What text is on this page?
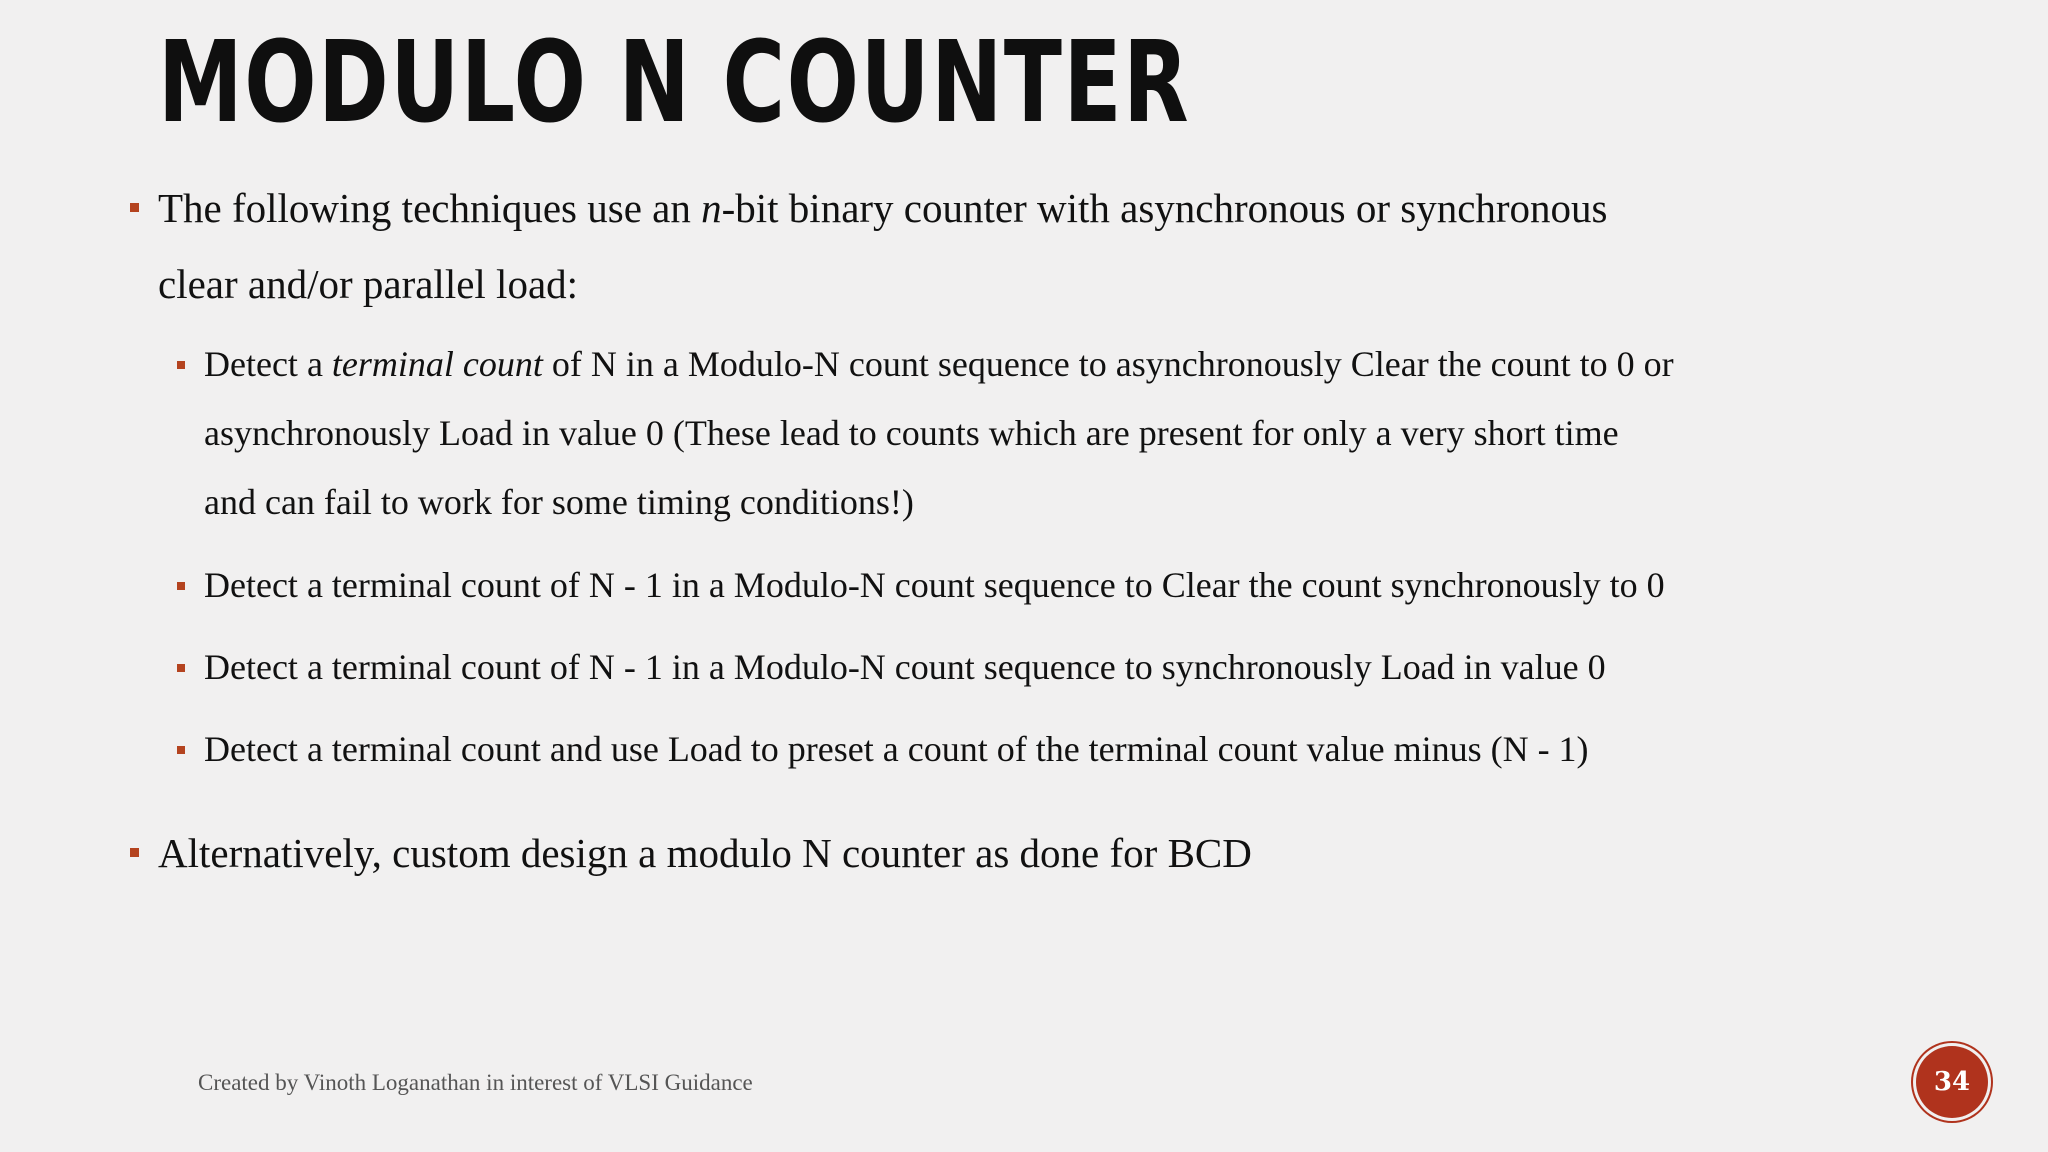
MODULO N COUNTER
The following techniques use an n-bit binary counter with asynchronous or synchronous
clear and/or parallel load:
Detect a terminal count of N in a Modulo-N count sequence to asynchronously Clear the count to 0 or
asynchronously Load in value 0 (These lead to counts which are present for only a very short time
and can fail to work for some timing conditions!)
Detect a terminal count of N - 1 in a Modulo-N count sequence to Clear the count synchronously to 0
Detect a terminal count of N - 1 in a Modulo-N count sequence to synchronously Load in value 0
Detect a terminal count and use Load to preset a count of the terminal count value minus (N - 1)
Alternatively, custom design a modulo N counter as done for BCD
Created by Vinoth Loganathan in interest of VLSI Guidance	34
